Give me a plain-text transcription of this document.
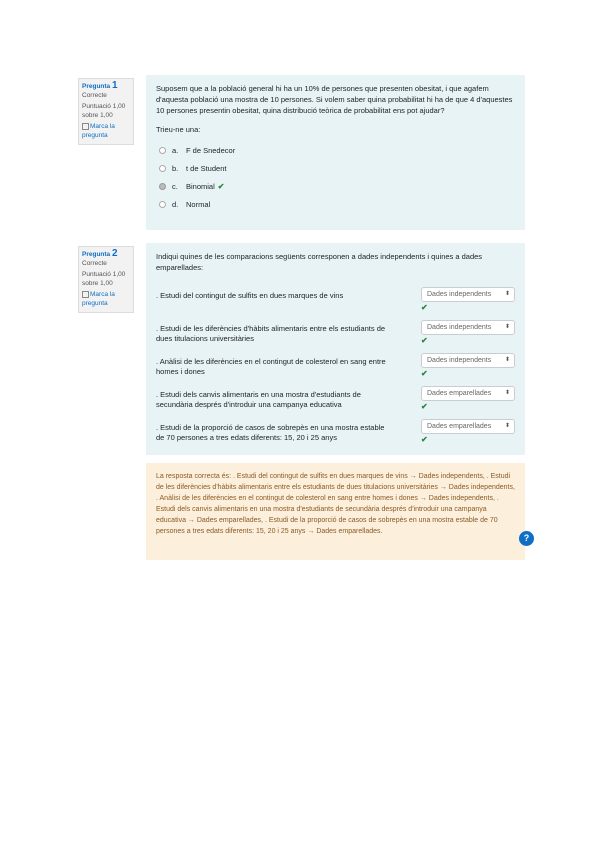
Pregunta 1
Correcte
Puntuació 1,00
sobre 1,00
Marca la pregunta

Suposem que a la població general hi ha un 10% de persones que presenten obesitat, i que agafem d'aquesta població una mostra de 10 persones. Si volem saber quina probabilitat hi ha de que 4 d'aquestes 10 persones presentin obesitat, quina distribució teòrica de probabilitat ens pot ajudar?

Trieu-ne una:

a.	F de Snedecor
b.	t de Student
c.	Binomial ✔
d.	Normal
Pregunta 2
Correcte
Puntuació 1,00
sobre 1,00
Marca la pregunta

Indiqui quines de les comparacions següents corresponen a dades independents i quines a dades emparellades:

. Estudi del contingut de sulfits en dues marques de vins	Dades independents ⬍
✔
. Estudi de les diferències d'hàbits alimentaris entre els estudiants de dues titulacions universitàries
Dades independents ⬍
✔
. Anàlisi de les diferències en el contingut de colesterol en sang entre homes i dones
Dades independents ⬍
✔
. Estudi dels canvis alimentaris en una mostra d'estudiants de secundària després d'introduir una campanya educativa
Dades emparellades ⬍
✔
. Estudi de la proporció de casos de sobrepès en una mostra estable de 70 persones a tres edats diferents: 15, 20 i 25 anys
Dades emparellades ⬍
✔
La resposta correcta és: . Estudi del contingut de sulfits en dues marques de vins → Dades independents, . Estudi de les diferències d'hàbits alimentaris entre els estudiants de dues titulacions universitàries → Dades independents, . Anàlisi de les diferències en el contingut de colesterol en sang entre homes i dones → Dades independents, . Estudi dels canvis alimentaris en una mostra d'estudiants de secundària després d'introduir una campanya educativa → Dades emparellades, . Estudi de la proporció de casos de sobrepès en una mostra estable de 70 persones a tres edats diferents: 15, 20 i 25 anys → Dades emparellades.
?
